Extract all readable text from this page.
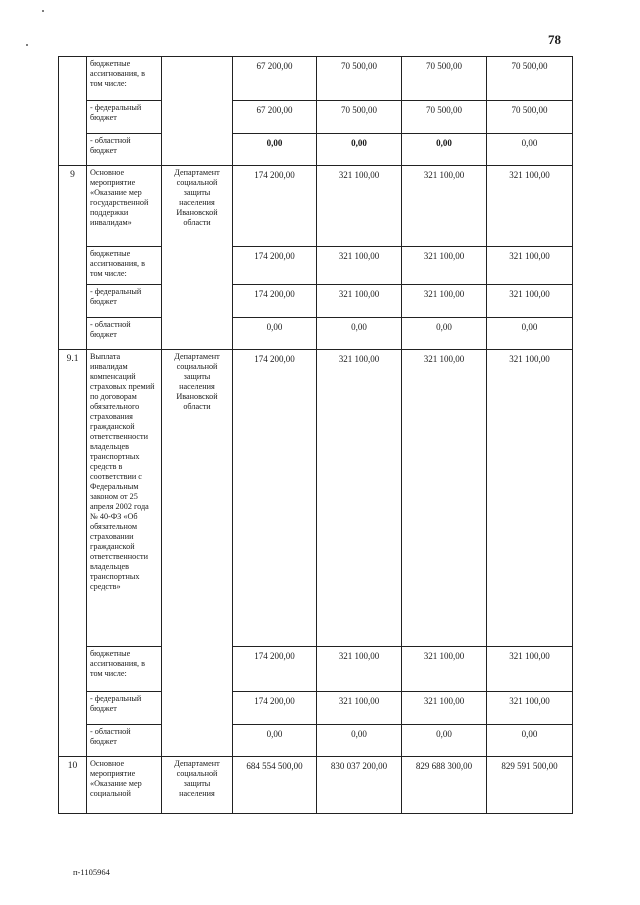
78
	бюджетные ассигнования, в том числе:		67 200,00	70 500,00	70 500,00	70 500,00
	- федеральный бюджет		67 200,00	70 500,00	70 500,00	70 500,00
	- областной бюджет		0,00	0,00	0,00	0,00
9	Основное мероприятие «Оказание мер государственной поддержки инвалидам»	Департамент социальной защиты населения Ивановской области	174 200,00	321 100,00	321 100,00	321 100,00
	бюджетные ассигнования, в том числе:		174 200,00	321 100,00	321 100,00	321 100,00
	- федеральный бюджет		174 200,00	321 100,00	321 100,00	321 100,00
	- областной бюджет		0,00	0,00	0,00	0,00
9.1	Выплата инвалидам компенсаций страховых премий по договорам обязательного страхования гражданской ответственности владельцев транспортных средств в соответствии с Федеральным законом от 25 апреля 2002 года № 40-ФЗ «Об обязательном страховании гражданской ответственности владельцев транспортных средств»	Департамент социальной защиты населения Ивановской области	174 200,00	321 100,00	321 100,00	321 100,00
	бюджетные ассигнования, в том числе:		174 200,00	321 100,00	321 100,00	321 100,00
	- федеральный бюджет		174 200,00	321 100,00	321 100,00	321 100,00
	- областной бюджет		0,00	0,00	0,00	0,00
10	Основное мероприятие «Оказание мер социальной	Департамент социальной защиты населения	684 554 500,00	830 037 200,00	829 688 300,00	829 591 500,00
п-1105964
